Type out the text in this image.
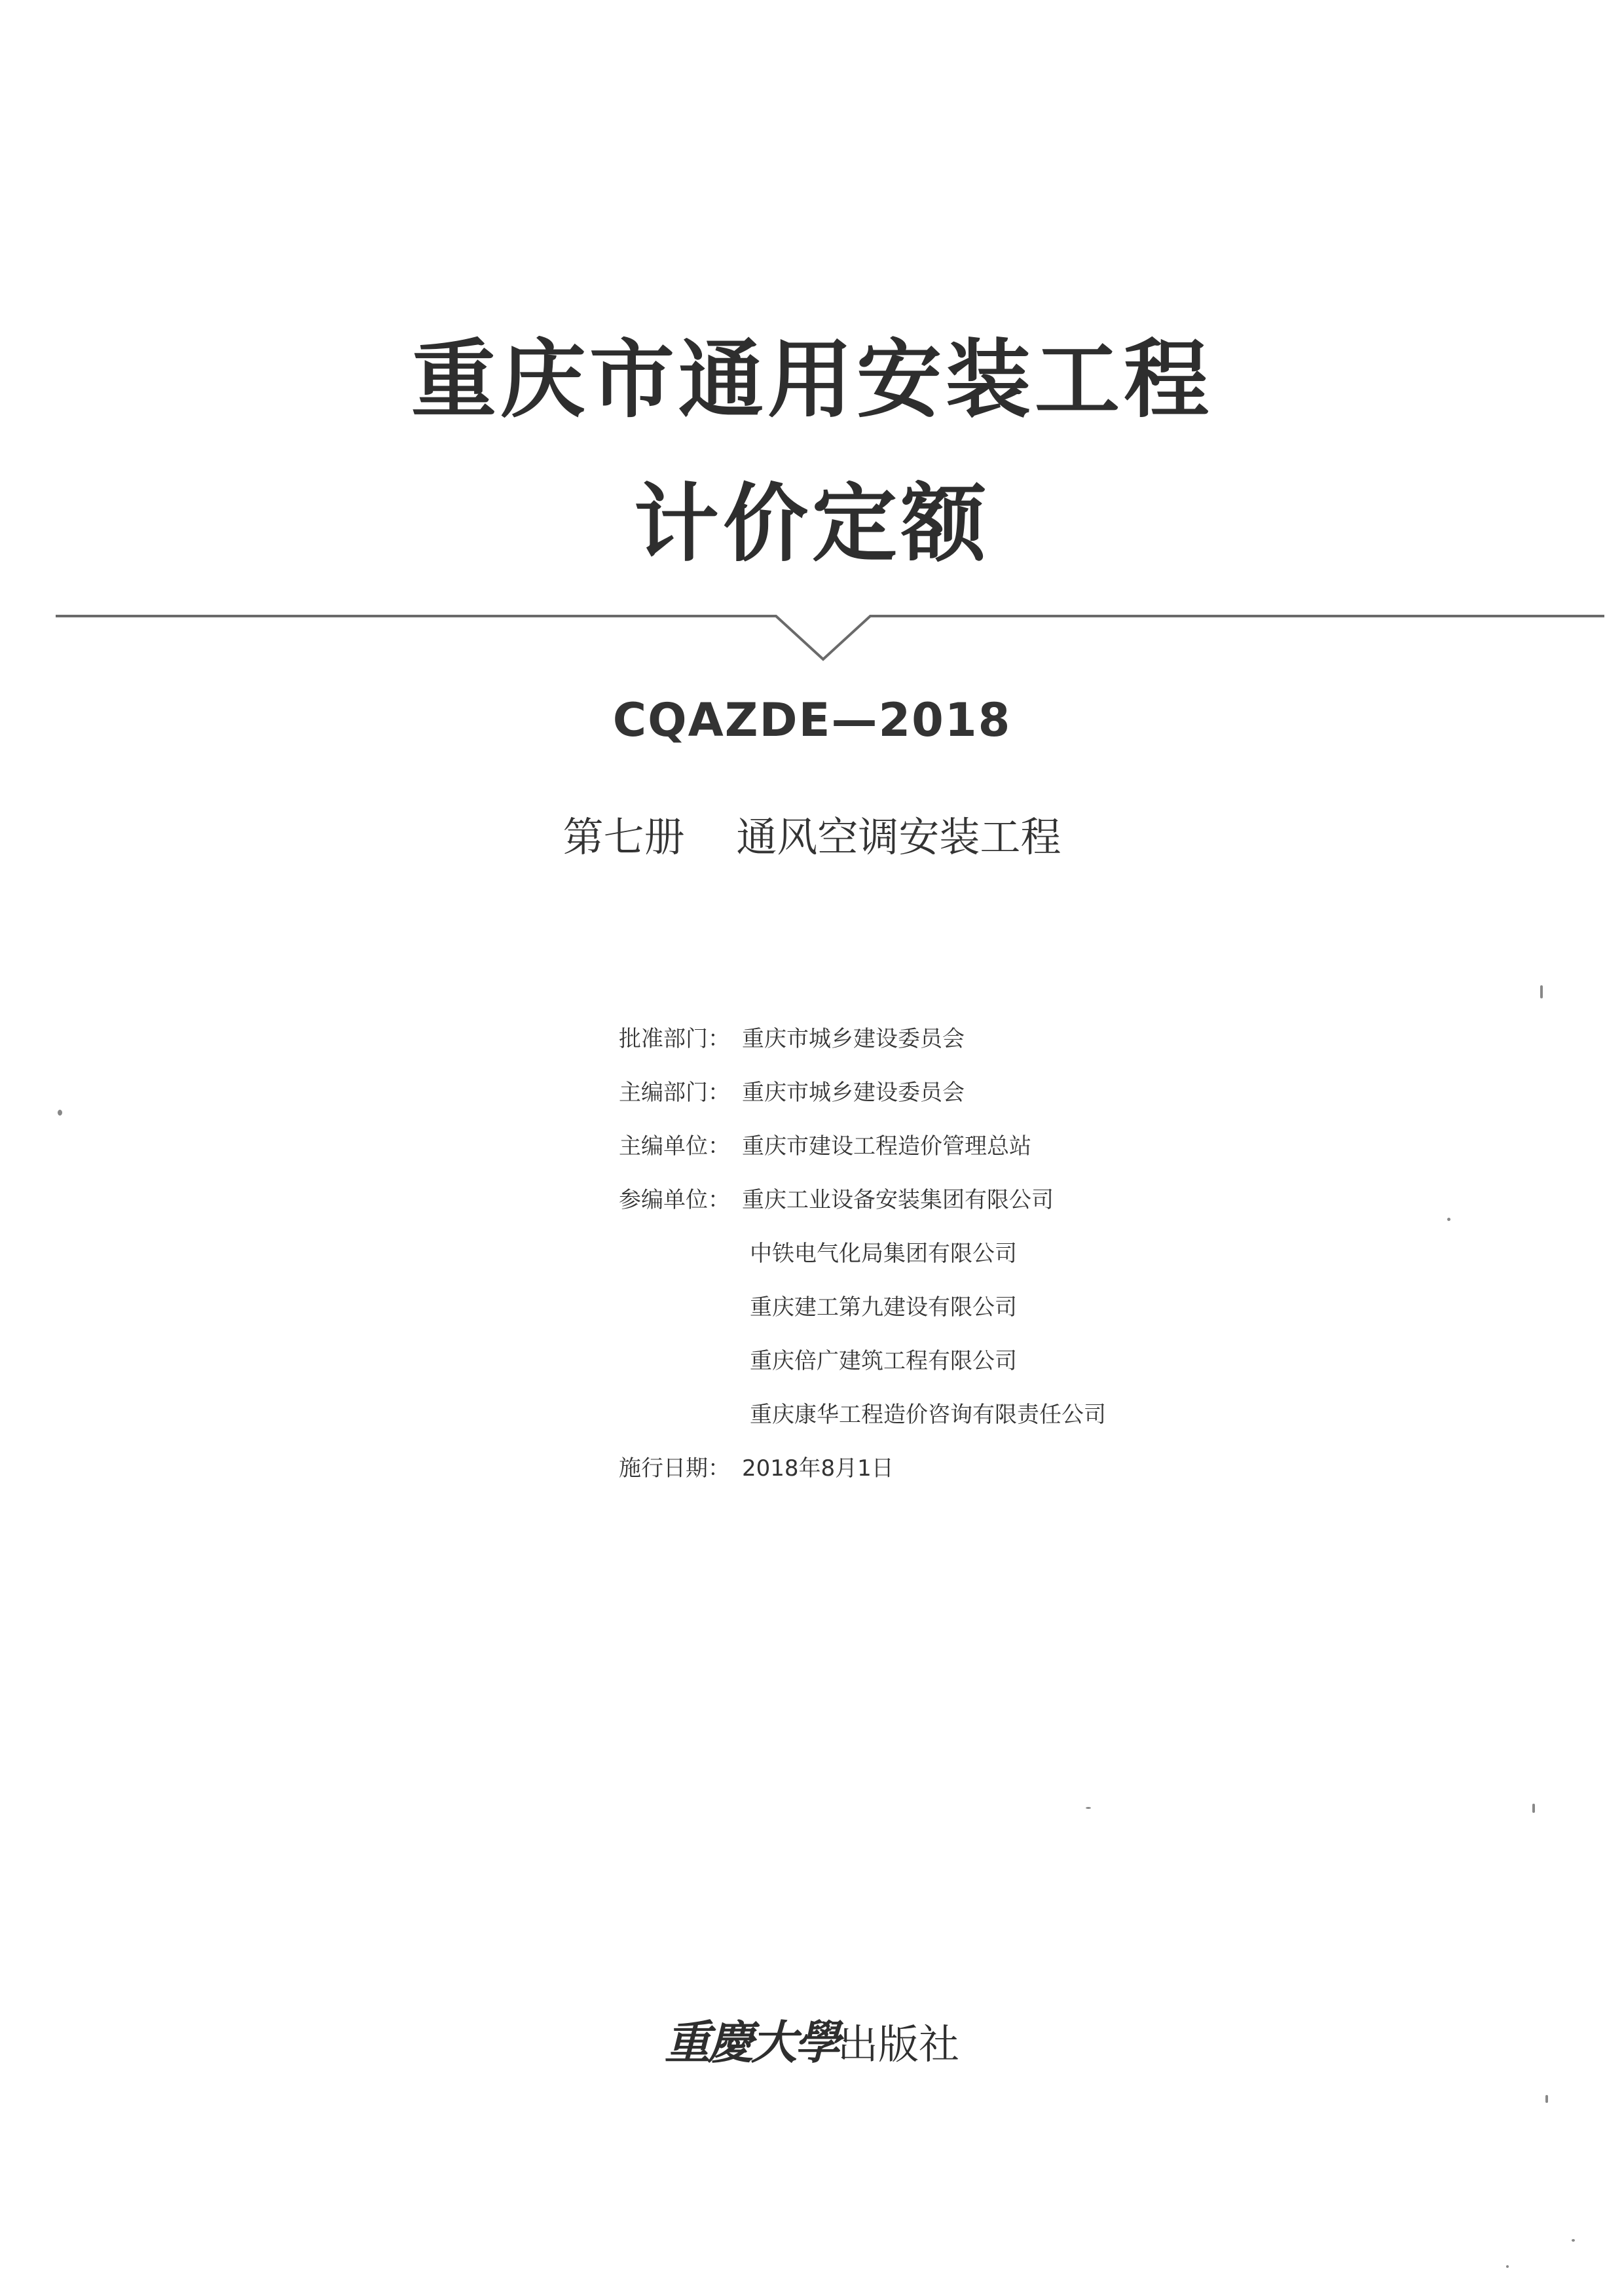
重庆市通用安装工程
计价定额
CQAZDE—2018
第七册 通风空调安装工程
批准部门： 重庆市城乡建设委员会
主编部门： 重庆市城乡建设委员会
主编单位： 重庆市建设工程造价管理总站
参编单位： 重庆工业设备安装集团有限公司
中铁电气化局集团有限公司
重庆建工第九建设有限公司
重庆倍广建筑工程有限公司
重庆康华工程造价咨询有限责任公司
施行日期： 2018年8月1日
重慶大學出版社
